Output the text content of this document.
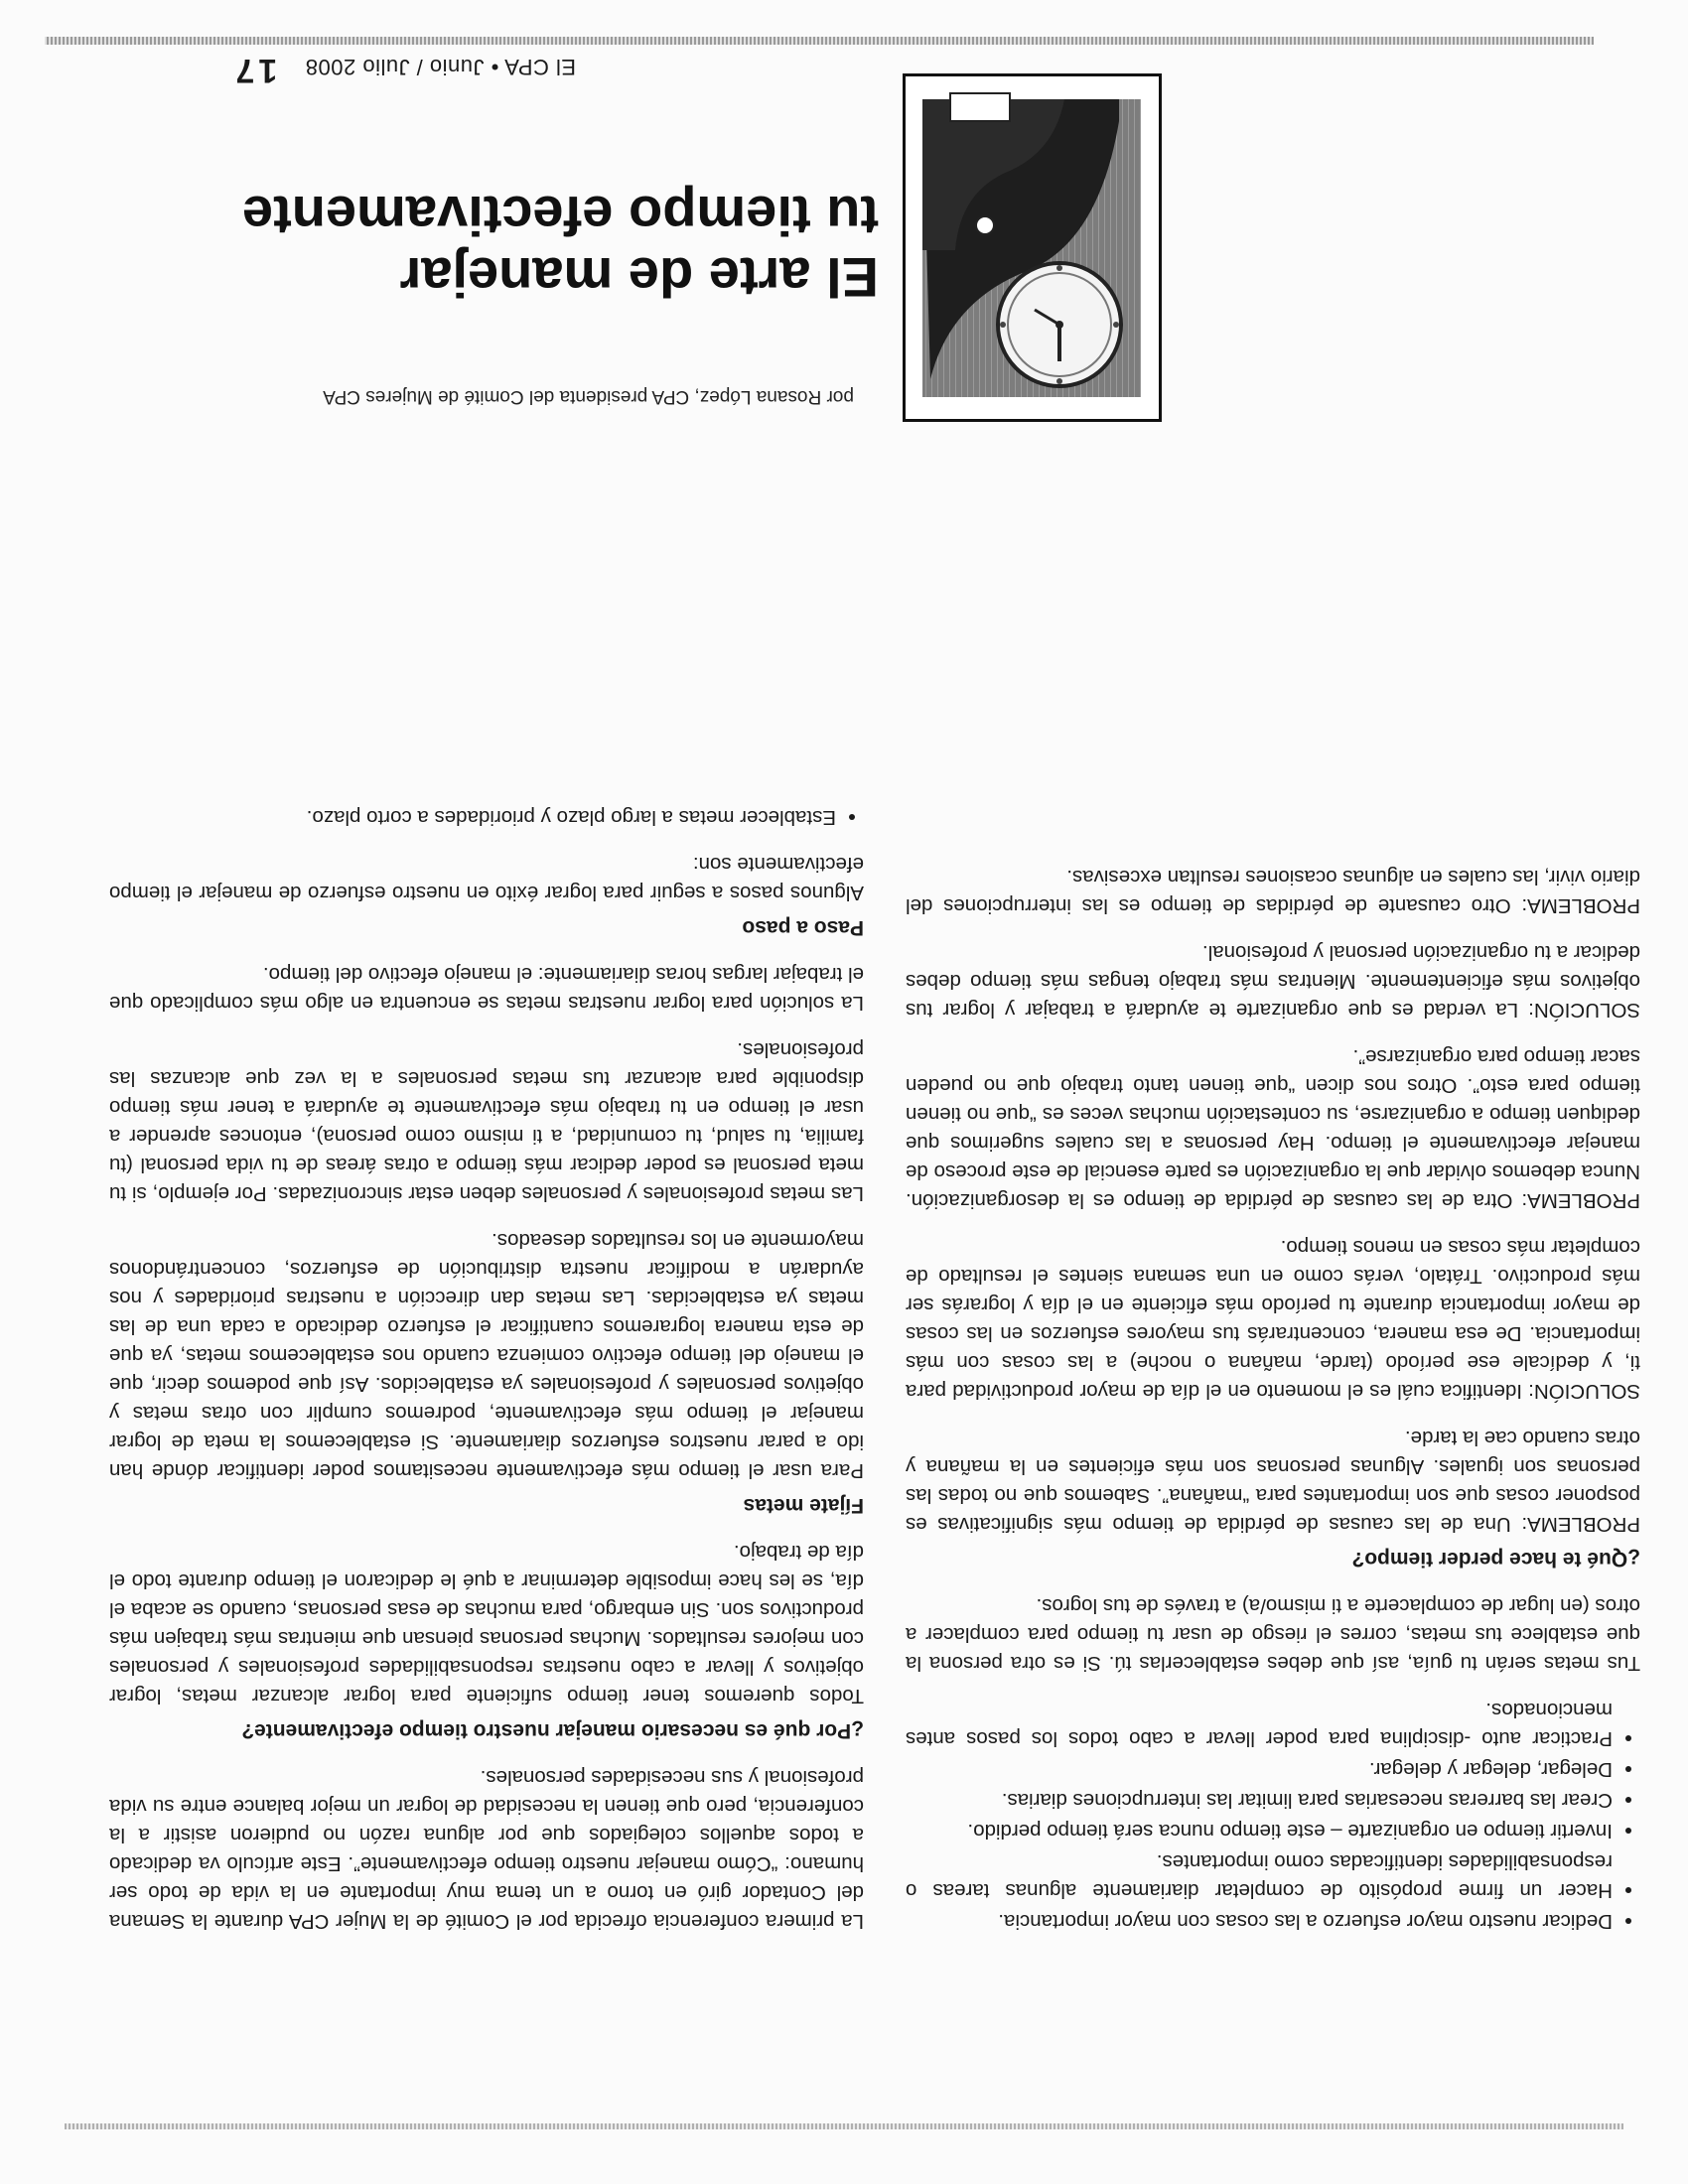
El arte de manejar
tu tiempo efectivamente

por Rosana López, CPA presidenta del Comité de Mujeres CPA

La primera conferencia ofrecida por el Comité de la Mujer CPA durante la Semana del Contador giró en torno a un tema muy importante en la vida de todo ser humano: “Cómo manejar nuestro tiempo efectivamente”. Este artículo va dedicado a todos aquellos colegiados que por alguna razón no pudieron asistir a la conferencia, pero que tienen la necesidad de lograr un mejor balance entre su vida profesional y sus necesidades personales.

¿Por qué es necesario manejar nuestro tiempo efectivamente?

Todos queremos tener tiempo suficiente para lograr alcanzar metas, lograr objetivos y llevar a cabo nuestras responsabilidades profesionales y personales con mejores resultados. Muchas personas piensan que mientras más trabajen más productivos son. Sin embargo, para muchas de esas personas, cuando se acaba el día, se les hace imposible determinar a qué le dedicaron el tiempo durante todo el día de trabajo.

Fíjate metas

Para usar el tiempo más efectivamente necesitamos poder identificar dónde han ido a parar nuestros esfuerzos diariamente. Si establecemos la meta de lograr manejar el tiempo más efectivamente, podremos cumplir con otras metas y objetivos personales y profesionales ya establecidos. Así que podemos decir, que el manejo del tiempo efectivo comienza cuando nos establecemos metas, ya que de esta manera lograremos cuantificar el esfuerzo dedicado a cada una de las metas ya establecidas. Las metas dan dirección a nuestras prioridades y nos ayudarán a modificar nuestra distribución de esfuerzos, concentrándonos mayormente en los resultados deseados.

Las metas profesionales y personales deben estar sincronizadas. Por ejemplo, si tu meta personal es poder dedicar más tiempo a otras áreas de tu vida personal (tu familia, tu salud, tu comunidad, a ti mismo como persona), entonces aprender a usar el tiempo en tu trabajo más efectivamente te ayudará a tener más tiempo disponible para alcanzar tus metas personales a la vez que alcanzas las profesionales.

La solución para lograr nuestras metas se encuentra en algo más complicado que el trabajar largas horas diariamente: el manejo efectivo del tiempo.

Paso a paso

Algunos pasos a seguir para lograr éxito en nuestro esfuerzo de manejar el tiempo efectivamente son:

• Establecer metas a largo plazo y prioridades a corto plazo.
• Dedicar nuestro mayor esfuerzo a las cosas con mayor importancia.
• Hacer un firme propósito de completar diariamente algunas tareas o responsabilidades identificadas como importantes.
• Invertir tiempo en organizarte – este tiempo nunca será tiempo perdido.
• Crear las barreras necesarias para limitar las interrupciones diarias.
• Delegar, delegar y delegar.
• Practicar auto -disciplina para poder llevar a cabo todos los pasos antes mencionados.

Tus metas serán tu guía, así que debes establecerlas tú. Si es otra persona la que establece tus metas, corres el riesgo de usar tu tiempo para complacer a otros (en lugar de complacerte a ti mismo/a) a través de tus logros.

¿Qué te hace perder tiempo?

PROBLEMA: Una de las causas de pérdida de tiempo más significativas es posponer cosas que son importantes para “mañana”. Sabemos que no todas las personas son iguales. Algunas personas son más eficientes en la mañana y otras cuando cae la tarde.

SOLUCIÓN: Identifica cuál es el momento en el día de mayor productividad para ti, y dedícale ese período (tarde, mañana o noche) a las cosas con más importancia. De esa manera, concentrarás tus mayores esfuerzos en las cosas de mayor importancia durante tu período más eficiente en el día y lograrás ser más productivo. Trátalo, verás como en una semana sientes el resultado de completar más cosas en menos tiempo.

PROBLEMA: Otra de las causas de pérdida de tiempo es la desorganización. Nunca debemos olvidar que la organización es parte esencial de este proceso de manejar efectivamente el tiempo. Hay personas a las cuales sugerimos que dediquen tiempo a organizarse, su contestación muchas veces es “que no tienen tiempo para esto”. Otros nos dicen “que tienen tanto trabajo que no pueden sacar tiempo para organizarse”.

SOLUCIÓN: La verdad es que organizarte te ayudará a trabajar y lograr tus objetivos más eficientemente. Mientras más trabajo tengas más tiempo debes dedicar a tu organización personal y profesional.

PROBLEMA: Otro causante de pérdidas de tiempo es las interrupciones del diario vivir, las cuales en algunas ocasiones resultan excesivas.

El CPA • Junio / Julio 2008
17
